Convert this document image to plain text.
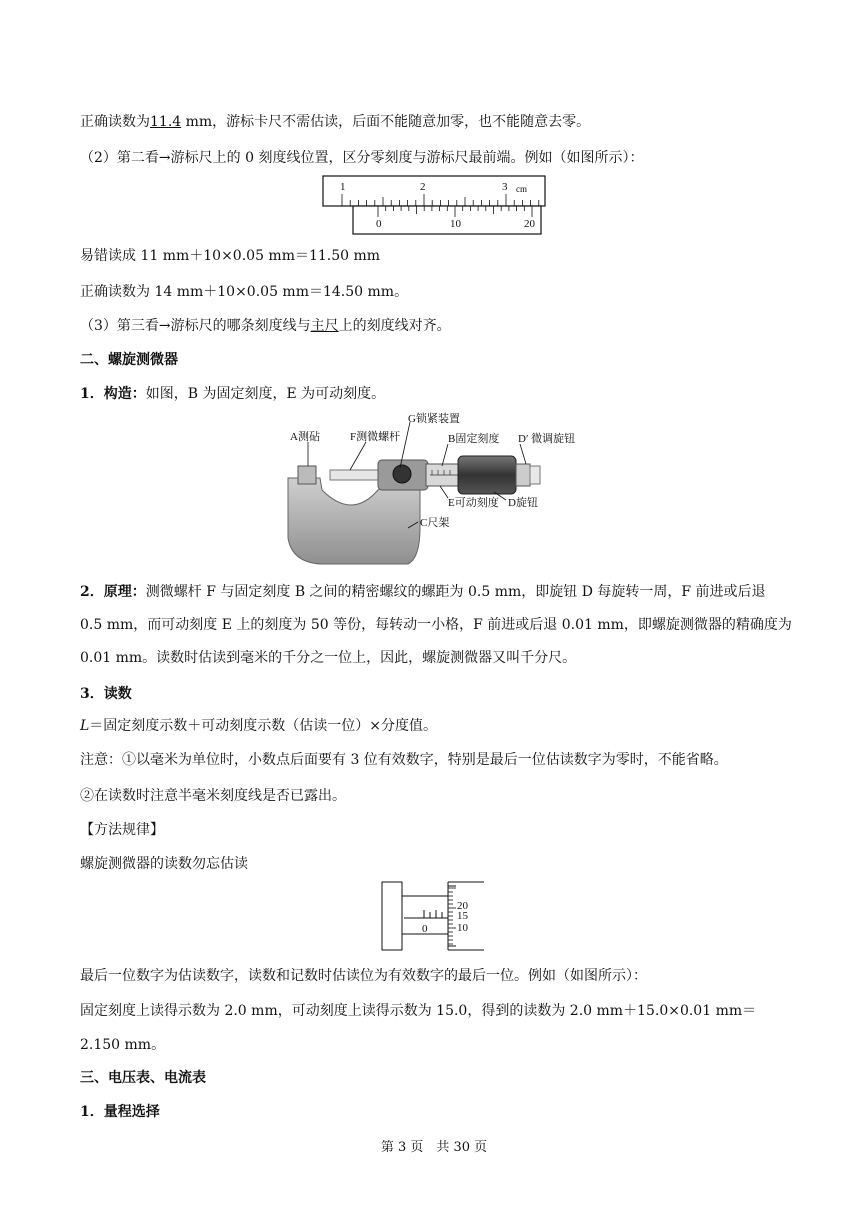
正确读数为11.4 mm，游标卡尺不需估读，后面不能随意加零，也不能随意去零。
（2）第二看→游标尺上的 0 刻度线位置，区分零刻度与游标尺最前端。例如（如图所示）：
1	2	3 cm
0	10	20
易错读成 11 mm＋10×0.05 mm＝11.50 mm
正确读数为 14 mm＋10×0.05 mm＝14.50 mm。
（3）第三看→游标尺的哪条刻度线与主尺上的刻度线对齐。
二、螺旋测微器
1．构造：如图，B 为固定刻度，E 为可动刻度。
G锁紧装置
A测砧	F测微螺杆	B固定刻度 D′ 微调旋钮
E可动刻度 D旋钮
C尺架
2．原理：测微螺杆 F 与固定刻度 B 之间的精密螺纹的螺距为 0.5 mm，即旋钮 D 每旋转一周，F 前进或后退 0.5 mm，而可动刻度 E 上的刻度为 50 等份，每转动一小格，F 前进或后退 0.01 mm，即螺旋测微器的精确度为 0.01 mm。读数时估读到毫米的千分之一位上，因此，螺旋测微器又叫千分尺。
3．读数
L＝固定刻度示数＋可动刻度示数（估读一位）×分度值。
注意：①以毫米为单位时，小数点后面要有 3 位有效数字，特别是最后一位估读数字为零时，不能省略。
②在读数时注意半毫米刻度线是否已露出。
【方法规律】
螺旋测微器的读数勿忘估读
0
20
15
10
最后一位数字为估读数字，读数和记数时估读位为有效数字的最后一位。例如（如图所示）：
固定刻度上读得示数为 2.0 mm，可动刻度上读得示数为 15.0，得到的读数为 2.0 mm＋15.0×0.01 mm＝2.150 mm。
三、电压表、电流表
1．量程选择
第 3 页　共 30 页
